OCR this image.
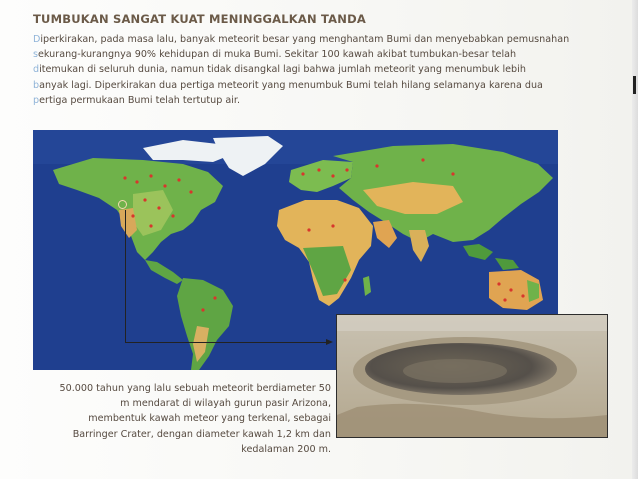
TUMBUKAN SANGAT KUAT MENINGGALKAN TANDA
Diperkirakan, pada masa lalu, banyak meteorit besar yang menghantam Bumi dan menyebabkan pemusnahan
sekurang-kurangnya 90% kehidupan di muka Bumi. Sekitar 100 kawah akibat tumbukan-besar telah
ditemukan di seluruh dunia, namun tidak disangkal lagi bahwa jumlah meteorit yang menumbuk lebih
banyak lagi. Diperkirakan dua pertiga meteorit yang menumbuk Bumi telah hilang selamanya karena dua
pertiga permukaan Bumi telah tertutup air.
50.000 tahun yang lalu sebuah meteorit berdiameter 50
m mendarat di wilayah gurun pasir Arizona,
membentuk kawah meteor yang terkenal, sebagai
Barringer Crater, dengan diameter kawah 1,2 km dan
kedalaman 200 m.
